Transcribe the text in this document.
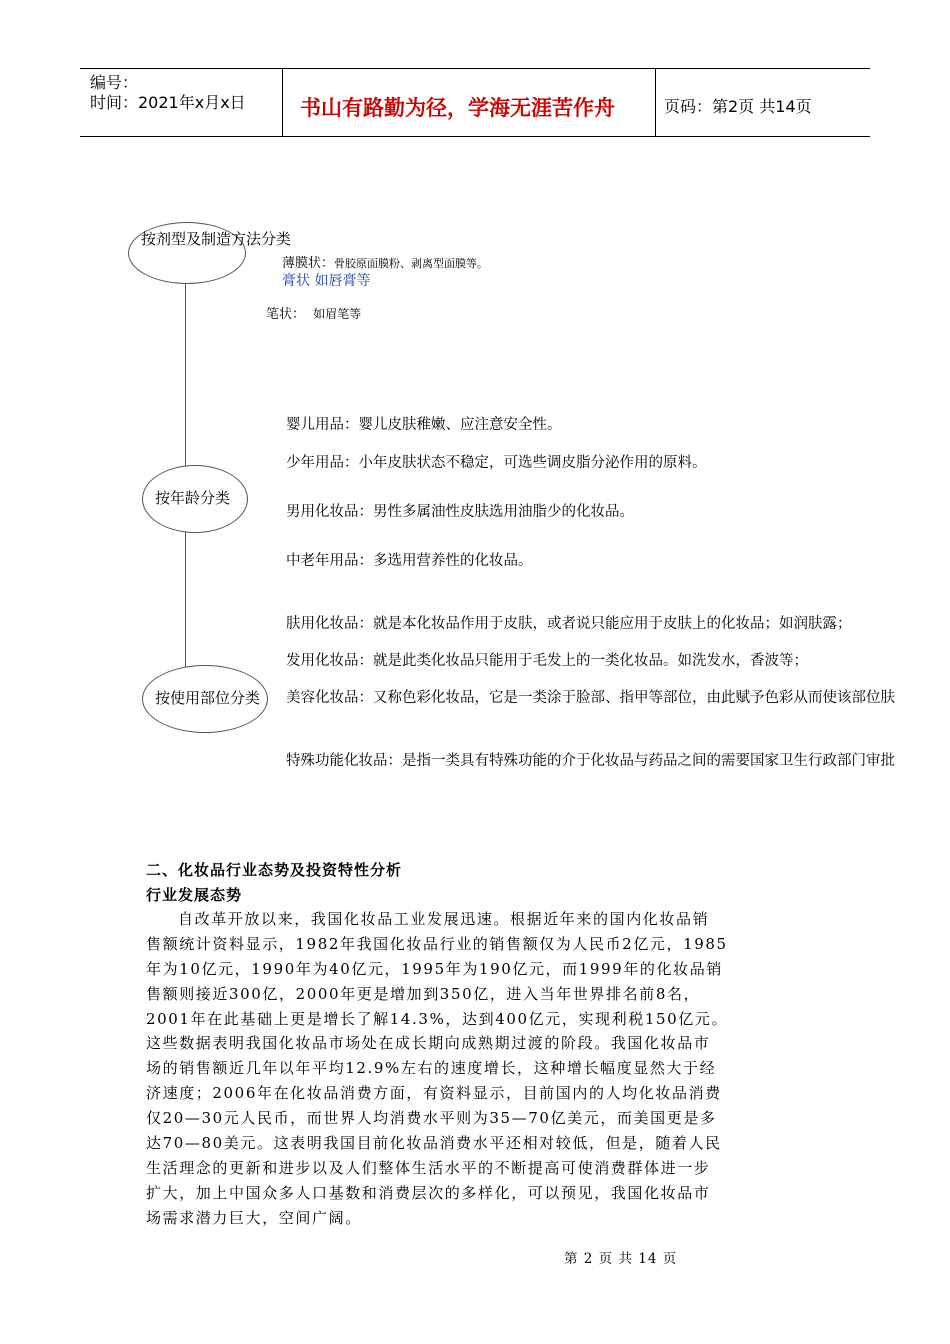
编号：
时间：2021年x月x日	书山有路勤为径，学海无涯苦作舟	页码：第2页 共14页
按剂型及制造方法分类
薄膜状：骨胶原面膜粉、剥离型面膜等。
膏状 如唇膏等
笔状： 如眉笔等
按年龄分类
婴儿用品：婴儿皮肤稚嫩、应注意安全性。
少年用品：小年皮肤状态不稳定，可选些调皮脂分泌作用的原料。
男用化妆品：男性多属油性皮肤选用油脂少的化妆品。
中老年用品：多选用营养性的化妆品。
按使用部位分类
肤用化妆品：就是本化妆品作用于皮肤，或者说只能应用于皮肤上的化妆品；如润肤露；
发用化妆品：就是此类化妆品只能用于毛发上的一类化妆品。如洗发水，香波等；
美容化妆品：又称色彩化妆品，它是一类涂于脸部、指甲等部位，由此赋予色彩从而使该部位肤
特殊功能化妆品：是指一类具有特殊功能的介于化妆品与药品之间的需要国家卫生行政部门审批
二、化妆品行业态势及投资特性分析
行业发展态势
自改革开放以来，我国化妆品工业发展迅速。根据近年来的国内化妆品销
售额统计资料显示，1982年我国化妆品行业的销售额仅为人民币2亿元，1985
年为10亿元，1990年为40亿元，1995年为190亿元，而1999年的化妆品销
售额则接近300亿，2000年更是增加到350亿，进入当年世界排名前8名，
2001年在此基础上更是增长了解14.3%，达到400亿元，实现利税150亿元。
这些数据表明我国化妆品市场处在成长期向成熟期过渡的阶段。我国化妆品市
场的销售额近几年以年平均12.9%左右的速度增长，这种增长幅度显然大于经
济速度；2006年在化妆品消费方面，有资料显示，目前国内的人均化妆品消费
仅20—30元人民币，而世界人均消费水平则为35—70亿美元，而美国更是多
达70—80美元。这表明我国目前化妆品消费水平还相对较低，但是，随着人民
生活理念的更新和进步以及人们整体生活水平的不断提高可使消费群体进一步
扩大，加上中国众多人口基数和消费层次的多样化，可以预见，我国化妆品市
场需求潜力巨大，空间广阔。
第 2 页 共 14 页
